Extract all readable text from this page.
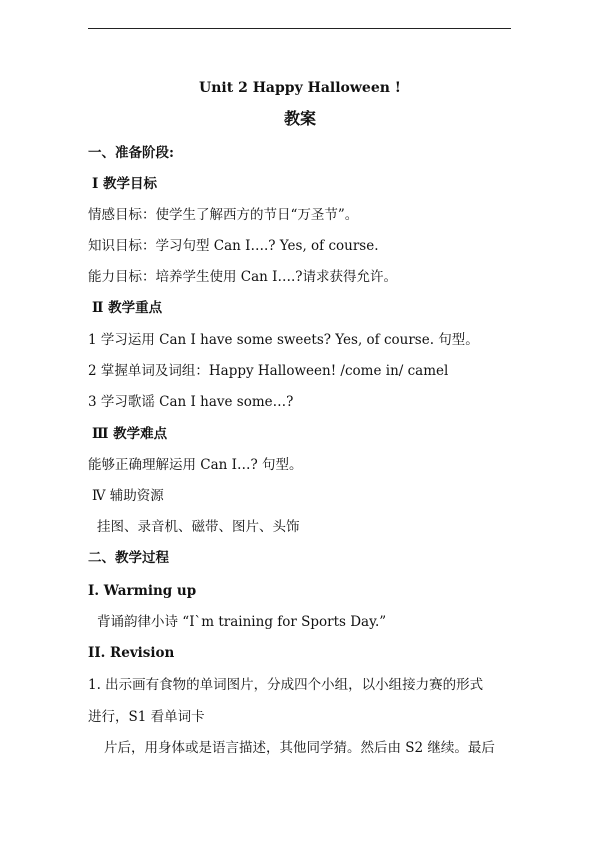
Unit 2 Happy Halloween !
教案
一、准备阶段:
Ⅰ 教学目标
情感目标：使学生了解西方的节日“万圣节”。
知识目标：学习句型 Can I….? Yes, of course.
能力目标：培养学生使用 Can I….?请求获得允许。
Ⅱ 教学重点
1 学习运用 Can I have some sweets? Yes, of course. 句型。
2 掌握单词及词组：Happy Halloween! /come in/ camel
3 学习歌谣 Can I have some…?
Ⅲ 教学难点
能够正确理解运用 Can I…? 句型。
Ⅳ 辅助资源
挂图、录音机、磁带、图片、头饰
二、教学过程
I. Warming up
背诵韵律小诗 “I`m training for Sports Day.”
II. Revision
1. 出示画有食物的单词图片，分成四个小组，以小组接力赛的形式
进行，S1 看单词卡
片后，用身体或是语言描述，其他同学猜。然后由 S2 继续。最后
